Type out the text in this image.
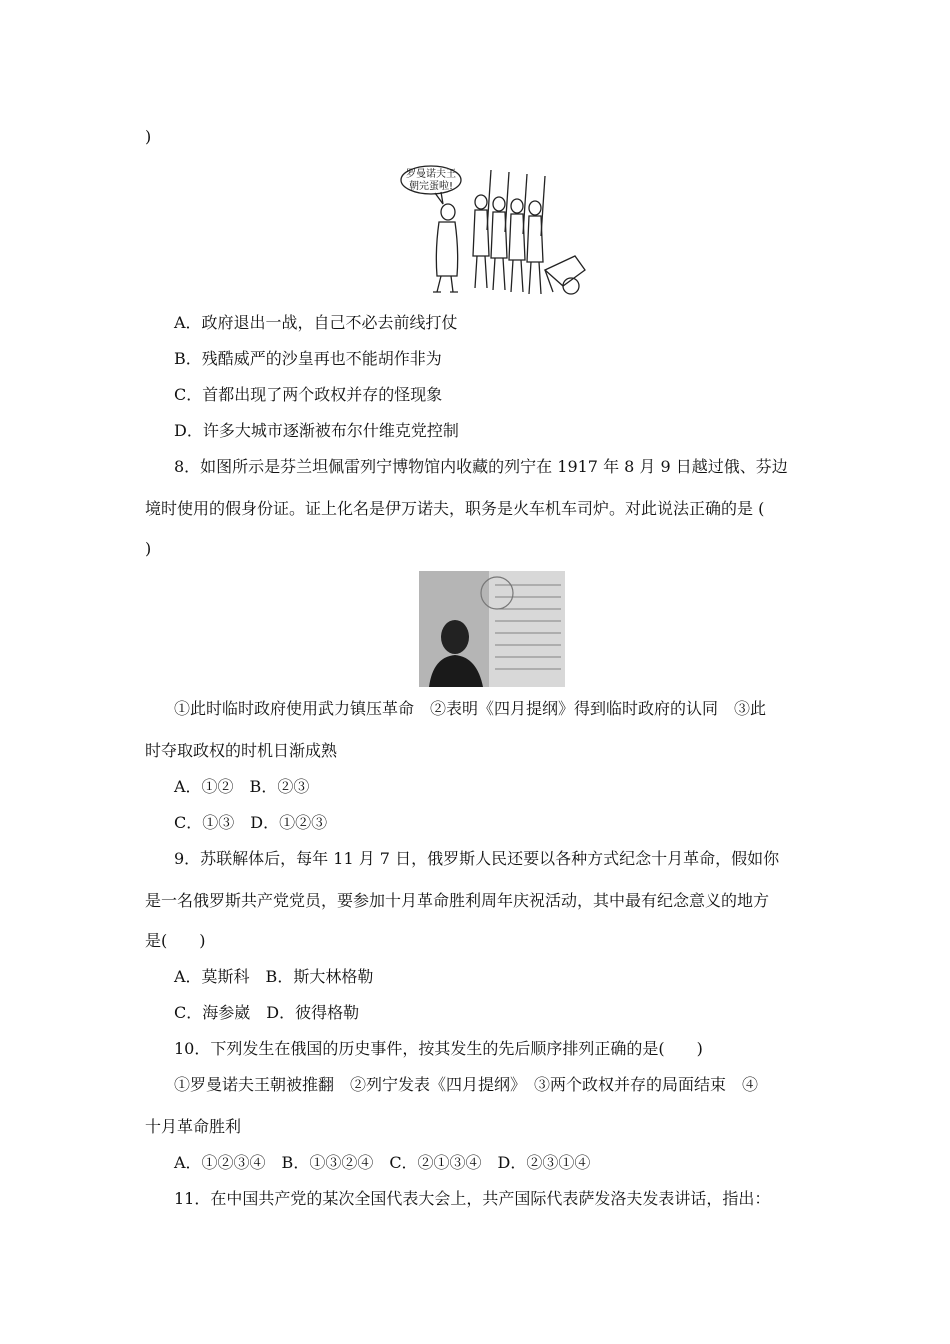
)
罗曼诺夫王
朝完蛋啦!
A．政府退出一战，自己不必去前线打仗
B．残酷威严的沙皇再也不能胡作非为
C．首都出现了两个政权并存的怪现象
D．许多大城市逐渐被布尔什维克党控制
8．如图所示是芬兰坦佩雷列宁博物馆内收藏的列宁在 1917 年 8 月 9 日越过俄、芬边
境时使用的假身份证。证上化名是伊万诺夫，职务是火车机车司炉。对此说法正确的是 (
)
①此时临时政府使用武力镇压革命　②表明《四月提纲》得到临时政府的认同　③此
时夺取政权的时机日渐成熟
A．①②　B．②③
C．①③　D．①②③
9．苏联解体后，每年 11 月 7 日，俄罗斯人民还要以各种方式纪念十月革命，假如你
是一名俄罗斯共产党党员，要参加十月革命胜利周年庆祝活动，其中最有纪念意义的地方
是(　　)
A．莫斯科　B．斯大林格勒
C．海参崴　D．彼得格勒
10．下列发生在俄国的历史事件，按其发生的先后顺序排列正确的是(　　)
①罗曼诺夫王朝被推翻　②列宁发表《四月提纲》　③两个政权并存的局面结束　④
十月革命胜利
A．①②③④　B．①③②④　C．②①③④　D．②③①④
11．在中国共产党的某次全国代表大会上，共产国际代表萨发洛夫发表讲话，指出：
